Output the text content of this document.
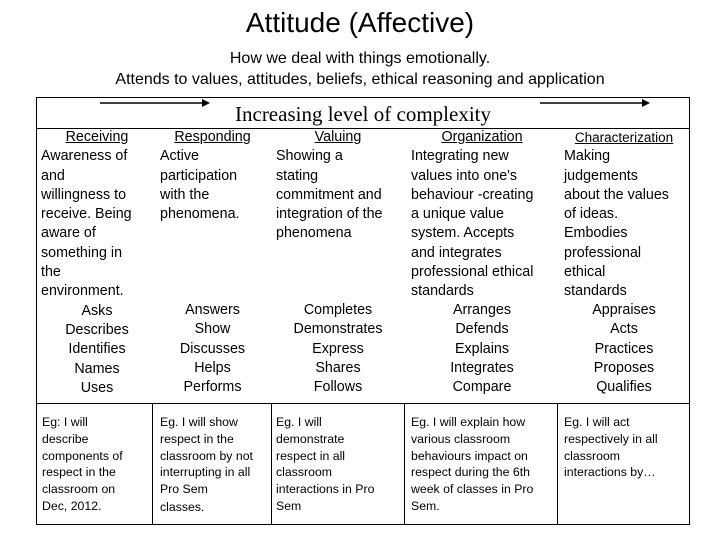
Attitude (Affective)
How we deal with things emotionally.
Attends to values, attitudes, beliefs, ethical reasoning and application
Increasing level of complexity
Receiving
Awareness of
and
willingness to
receive. Being
aware of
something in
the
environment.
Asks
Describes
Identifies
Names
Uses
Responding
Active
participation
with the
phenomena.
Answers
Show
Discusses
Helps
Performs
Valuing
Showing a
stating
commitment and
integration of the
phenomena
Completes
Demonstrates
Express
Shares
Follows
Organization
Integrating new
values into one's
behaviour -creating
a unique value
system. Accepts
and integrates
professional ethical
standards
Arranges
Defends
Explains
Integrates
Compare
Characterization
Making
judgements
about the values
of ideas.
Embodies
professional
ethical
standards
Appraises
Acts
Practices
Proposes
Qualifies
Eg: I will
describe
components of
respect in the
classroom on
Dec, 2012.
Eg. I will show
respect in the
classroom by not
interrupting in all
Pro Sem
classes.
Eg. I will
demonstrate
respect in all
classroom
interactions in Pro
Sem
Eg. I will explain how
various classroom
behaviours impact on
respect during the 6th
week of classes in Pro
Sem.
Eg. I will act
respectively in all
classroom
interactions by…
